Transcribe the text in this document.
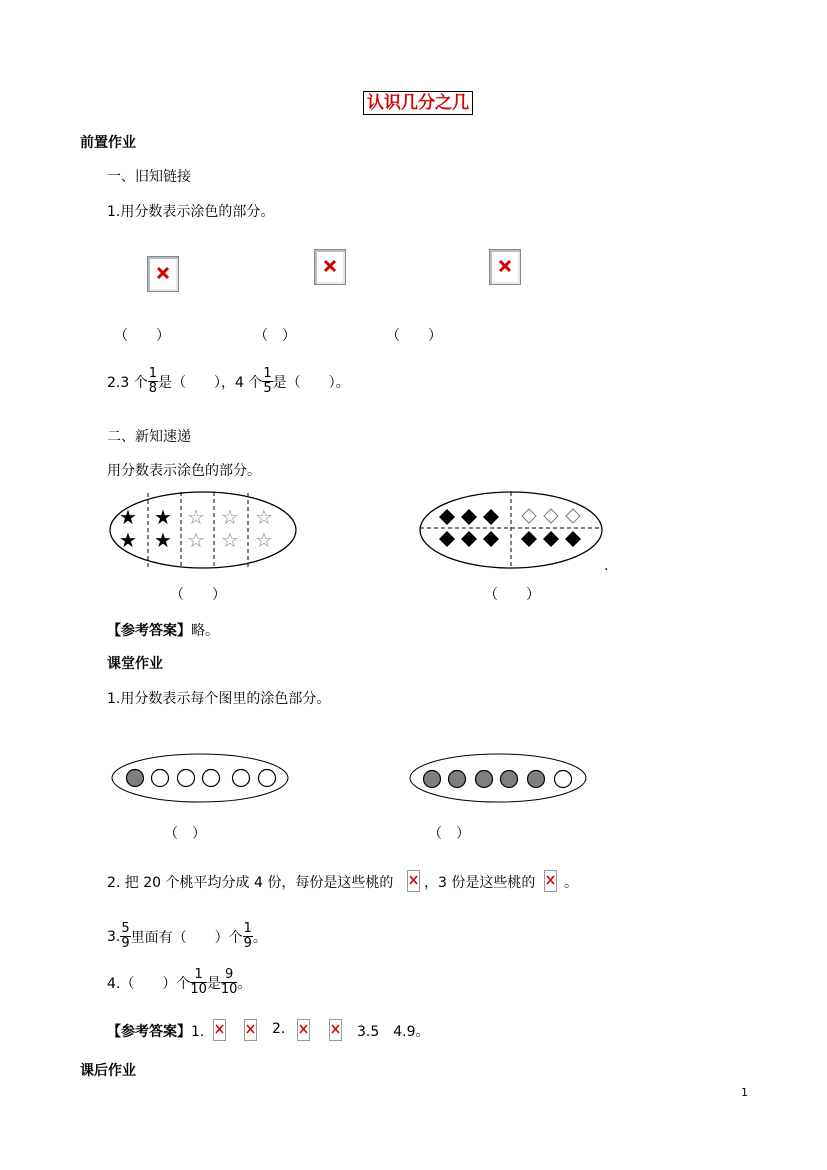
认识几分之几
前置作业
一、旧知链接
1.用分数表示涂色的部分。
（　　）	（　）	（　　）
2.3 个 $\frac{1}{8}$ 是（　　），4 个 $\frac{1}{5}$ 是（　　）。
二、新知速递
用分数表示涂色的部分。
★
★
★
★
☆
☆
☆
☆
☆
☆
.
（　　）	（　　）
【参考答案】略。
课堂作业
1.用分数表示每个图里的涂色部分。
（　）	（　）
2. 把 20 个桃平均分成 4 份，每份是这些桃的 ，3 份是这些桃的 。
3. $\frac{5}{9}$ 里面有（　　）个 $\frac{1}{9}$ 。
4.（　　）个 $\frac{1}{10}$ 是 $\frac{9}{10}$ 。
【参考答案】1.	2.	3.5　4.9。
课后作业
1
